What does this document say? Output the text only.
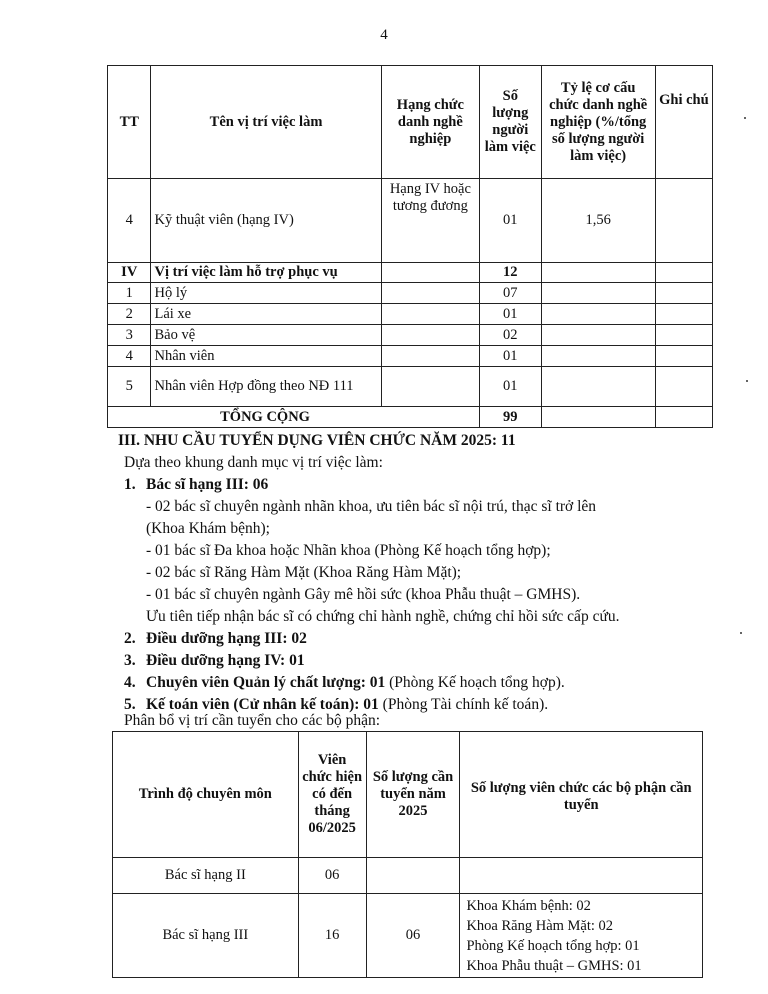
4
TT	Tên vị trí việc làm	Hạng chức danh nghề nghiệp	Số lượng người làm việc	Tỷ lệ cơ cấu chức danh nghề nghiệp (%/tổng số lượng người làm việc)	Ghi chú
4	Kỹ thuật viên (hạng IV)	Hạng IV hoặc tương đương	01	1,56	
IV	Vị trí việc làm hỗ trợ phục vụ		12		
1	Hộ lý		07		
2	Lái xe		01		
3	Bảo vệ		02		
4	Nhân viên		01		
5	Nhân viên Hợp đồng theo NĐ 111		01		
TỔNG CỘNG			99		
III. NHU CẦU TUYỂN DỤNG VIÊN CHỨC NĂM 2025: 11
Dựa theo khung danh mục vị trí việc làm:
1. Bác sĩ hạng III: 06
- 02 bác sĩ chuyên ngành nhãn khoa, ưu tiên bác sĩ nội trú, thạc sĩ trở lên
(Khoa Khám bệnh);
- 01 bác sĩ Đa khoa hoặc Nhãn khoa (Phòng Kế hoạch tổng hợp);
- 02 bác sĩ Răng Hàm Mặt (Khoa Răng Hàm Mặt);
- 01 bác sĩ chuyên ngành Gây mê hồi sức (khoa Phẫu thuật – GMHS).
Ưu tiên tiếp nhận bác sĩ có chứng chỉ hành nghề, chứng chỉ hồi sức cấp cứu.
2. Điều dưỡng hạng III: 02
3. Điều dưỡng hạng IV: 01
4. Chuyên viên Quản lý chất lượng: 01 (Phòng Kế hoạch tổng hợp).
5. Kế toán viên (Cử nhân kế toán): 01 (Phòng Tài chính kế toán).
Phân bổ vị trí cần tuyển cho các bộ phận:
Trình độ chuyên môn	Viên chức hiện có đến tháng 06/2025	Số lượng cần tuyển năm 2025	Số lượng viên chức các bộ phận cần tuyển
Bác sĩ hạng II	06		
Bác sĩ hạng III	16	06	Khoa Khám bệnh: 02
Khoa Răng Hàm Mặt: 02
Phòng Kế hoạch tổng hợp: 01
Khoa Phẫu thuật – GMHS: 01
